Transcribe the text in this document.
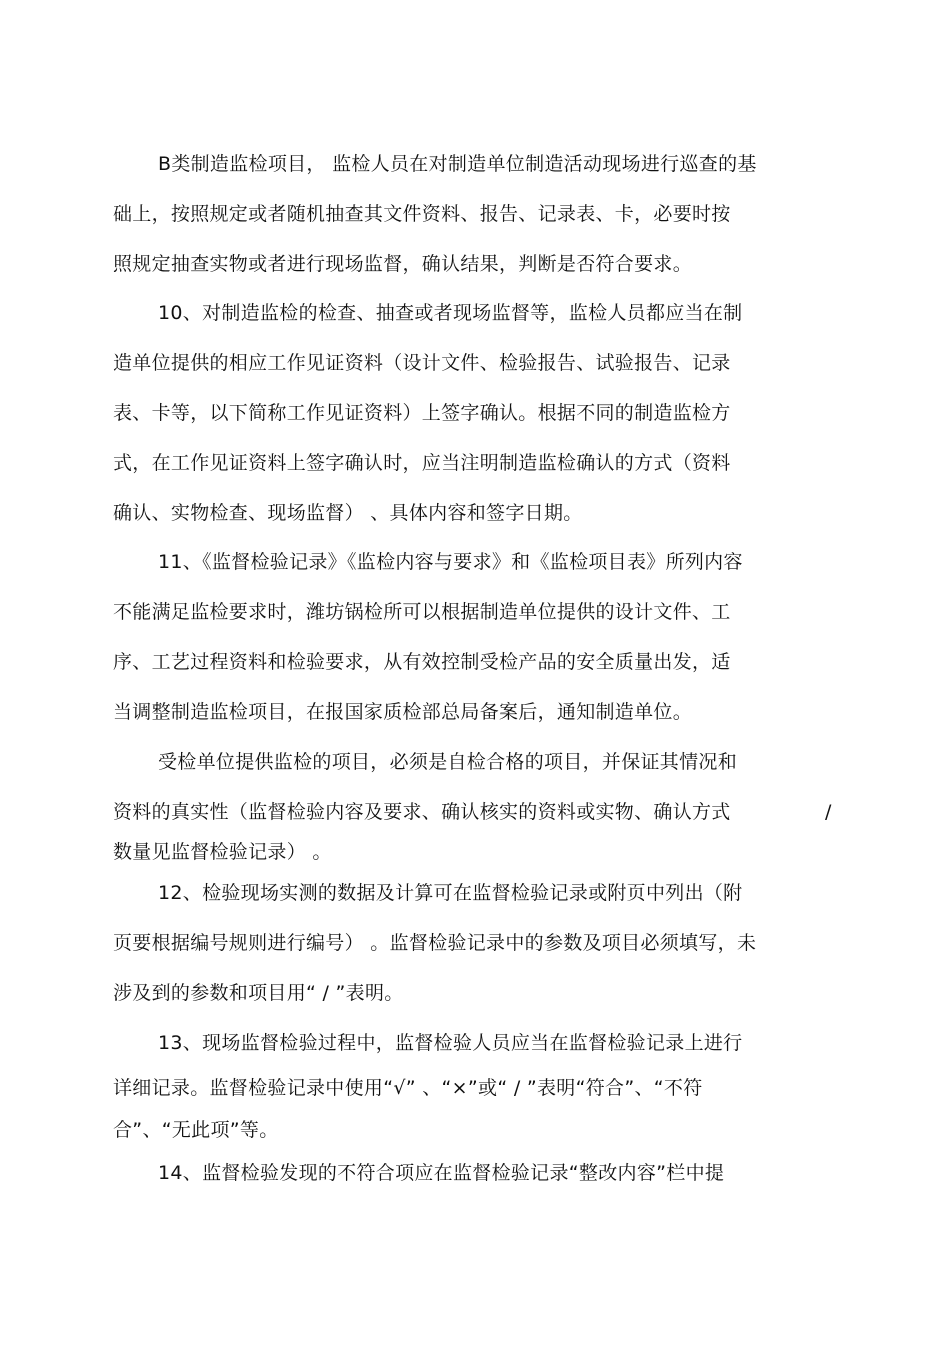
B类制造监检项目， 监检人员在对制造单位制造活动现场进行巡查的基
础上，按照规定或者随机抽查其文件资料、报告、记录表、卡，必要时按
照规定抽查实物或者进行现场监督，确认结果，判断是否符合要求。
10、对制造监检的检查、抽查或者现场监督等，监检人员都应当在制
造单位提供的相应工作见证资料（设计文件、检验报告、试验报告、记录
表、卡等，以下简称工作见证资料）上签字确认。根据不同的制造监检方
式，在工作见证资料上签字确认时，应当注明制造监检确认的方式（资料
确认、实物检查、现场监督） 、具体内容和签字日期。
11、《监督检验记录》《监检内容与要求》和《监检项目表》所列内容
不能满足监检要求时，潍坊锅检所可以根据制造单位提供的设计文件、工
序、工艺过程资料和检验要求，从有效控制受检产品的安全质量出发，适
当调整制造监检项目，在报国家质检部总局备案后，通知制造单位。
受检单位提供监检的项目，必须是自检合格的项目，并保证其情况和
资料的真实性（监督检验内容及要求、确认核实的资料或实物、确认方式	/
数量见监督检验记录） 。
12、检验现场实测的数据及计算可在监督检验记录或附页中列出（附
页要根据编号规则进行编号） 。监督检验记录中的参数及项目必须填写，未
涉及到的参数和项目用“ / ”表明。
13、现场监督检验过程中，监督检验人员应当在监督检验记录上进行
详细记录。监督检验记录中使用“√” 、“×”或“ / ”表明“符合”、“不符
合”、“无此项”等。
14、监督检验发现的不符合项应在监督检验记录“整改内容”栏中提
